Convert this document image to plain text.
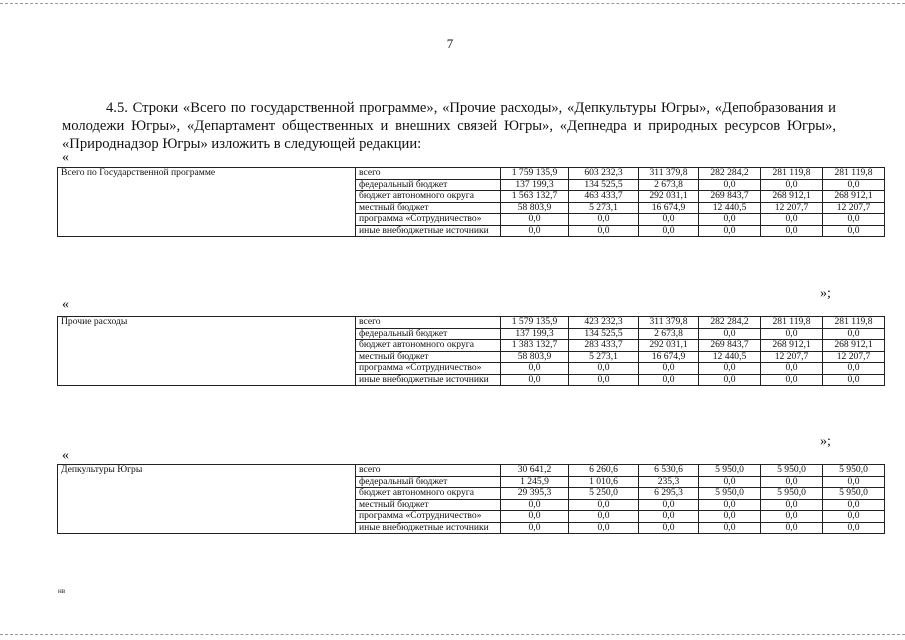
7
4.5. Строки «Всего по государственной программе», «Прочие расходы», «Депкультуры Югры», «Депобразования и молодежи Югры», «Департамент общественных и внешних связей Югры», «Депнедра и природных ресурсов Югры», «Природнадзор Югры» изложить в следующей редакции:
«
Всего по Государственной программе	всего	1 759 135,9	603 232,3	311 379,8	282 284,2	281 119,8	281 119,8
	федеральный бюджет	137 199,3	134 525,5	2 673,8	0,0	0,0	0,0
	бюджет автономного округа	1 563 132,7	463 433,7	292 031,1	269 843,7	268 912,1	268 912,1
	местный бюджет	58 803,9	5 273,1	16 674,9	12 440,5	12 207,7	12 207,7
	программа «Сотрудничество»	0,0	0,0	0,0	0,0	0,0	0,0
	иные внебюджетные источники	0,0	0,0	0,0	0,0	0,0	0,0
»;
«
Прочие расходы	всего	1 579 135,9	423 232,3	311 379,8	282 284,2	281 119,8	281 119,8
	федеральный бюджет	137 199,3	134 525,5	2 673,8	0,0	0,0	0,0
	бюджет автономного округа	1 383 132,7	283 433,7	292 031,1	269 843,7	268 912,1	268 912,1
	местный бюджет	58 803,9	5 273,1	16 674,9	12 440,5	12 207,7	12 207,7
	программа «Сотрудничество»	0,0	0,0	0,0	0,0	0,0	0,0
	иные внебюджетные источники	0,0	0,0	0,0	0,0	0,0	0,0
»;
«
Депкультуры Югры	всего	30 641,2	6 260,6	6 530,6	5 950,0	5 950,0	5 950,0
	федеральный бюджет	1 245,9	1 010,6	235,3	0,0	0,0	0,0
	бюджет автономного округа	29 395,3	5 250,0	6 295,3	5 950,0	5 950,0	5 950,0
	местный бюджет	0,0	0,0	0,0	0,0	0,0	0,0
	программа «Сотрудничество»	0,0	0,0	0,0	0,0	0,0	0,0
	иные внебюджетные источники	0,0	0,0	0,0	0,0	0,0	0,0
нв
